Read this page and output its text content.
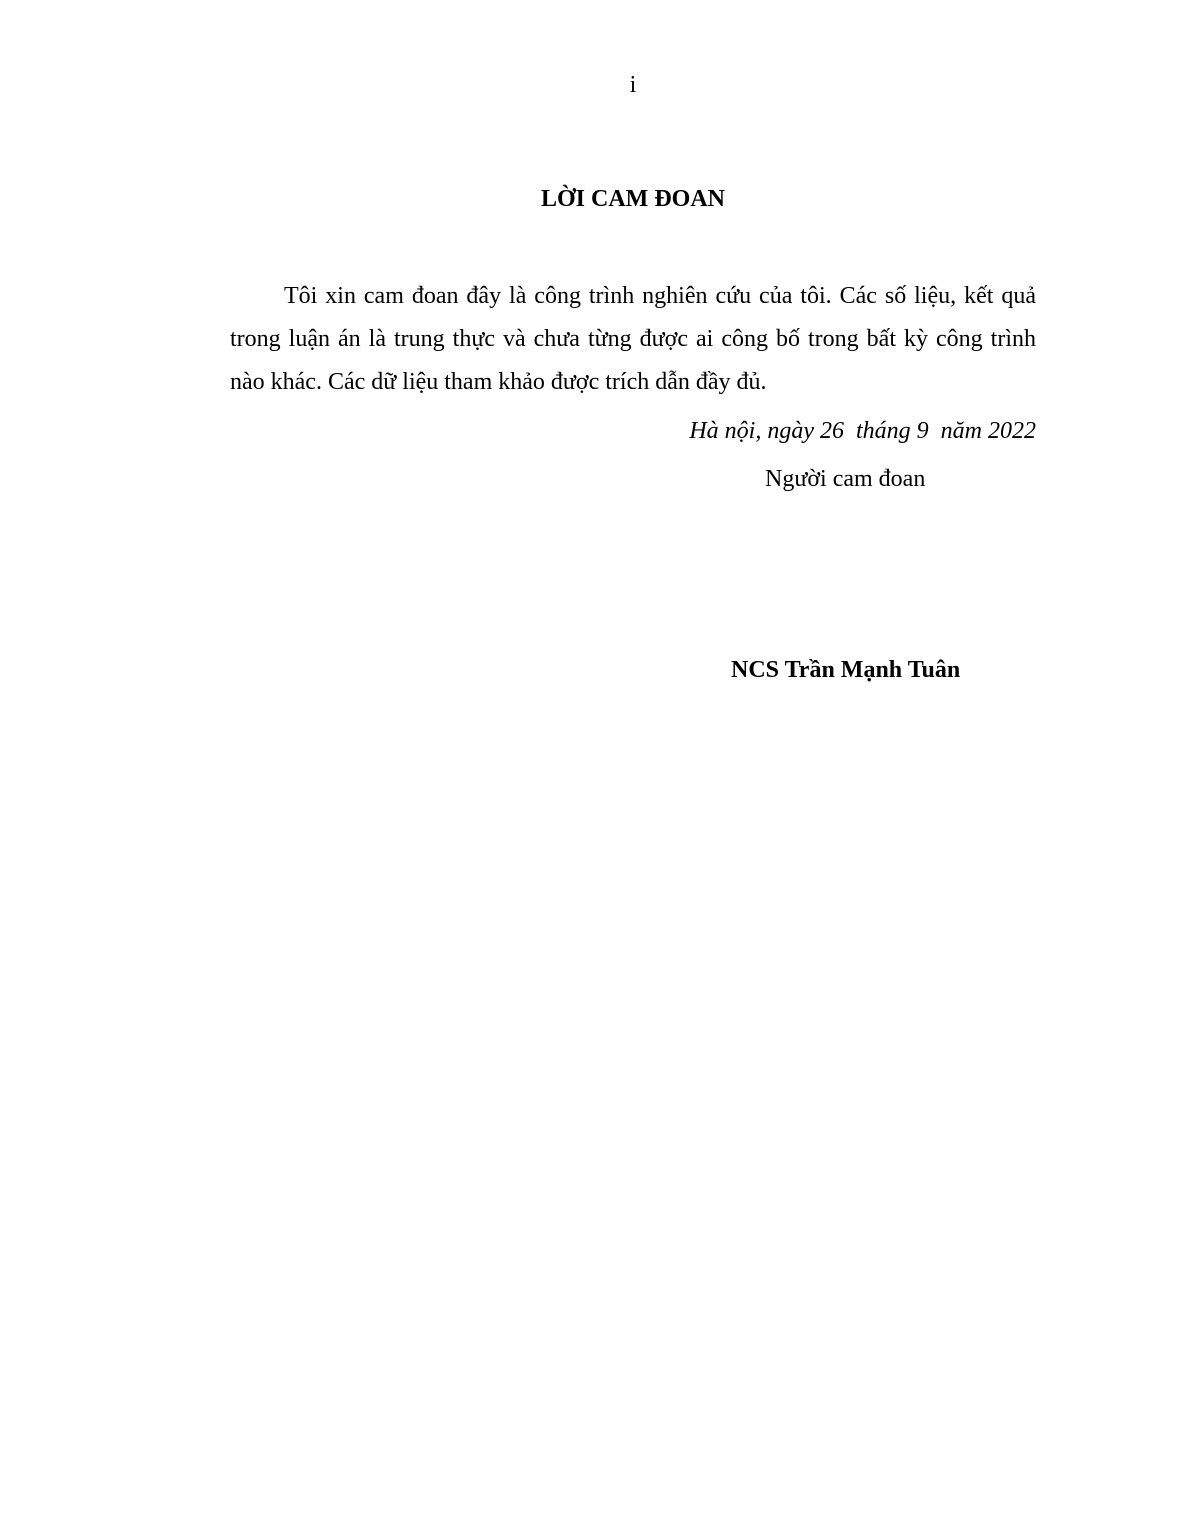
i
LỜI CAM ĐOAN

Tôi xin cam đoan đây là công trình nghiên cứu của tôi. Các số liệu, kết quả trong luận án là trung thực và chưa từng được ai công bố trong bất kỳ công trình nào khác. Các dữ liệu tham khảo được trích dẫn đầy đủ.

Hà nội, ngày 26  tháng 9  năm 2022
Người cam đoan
NCS Trần Mạnh Tuân
